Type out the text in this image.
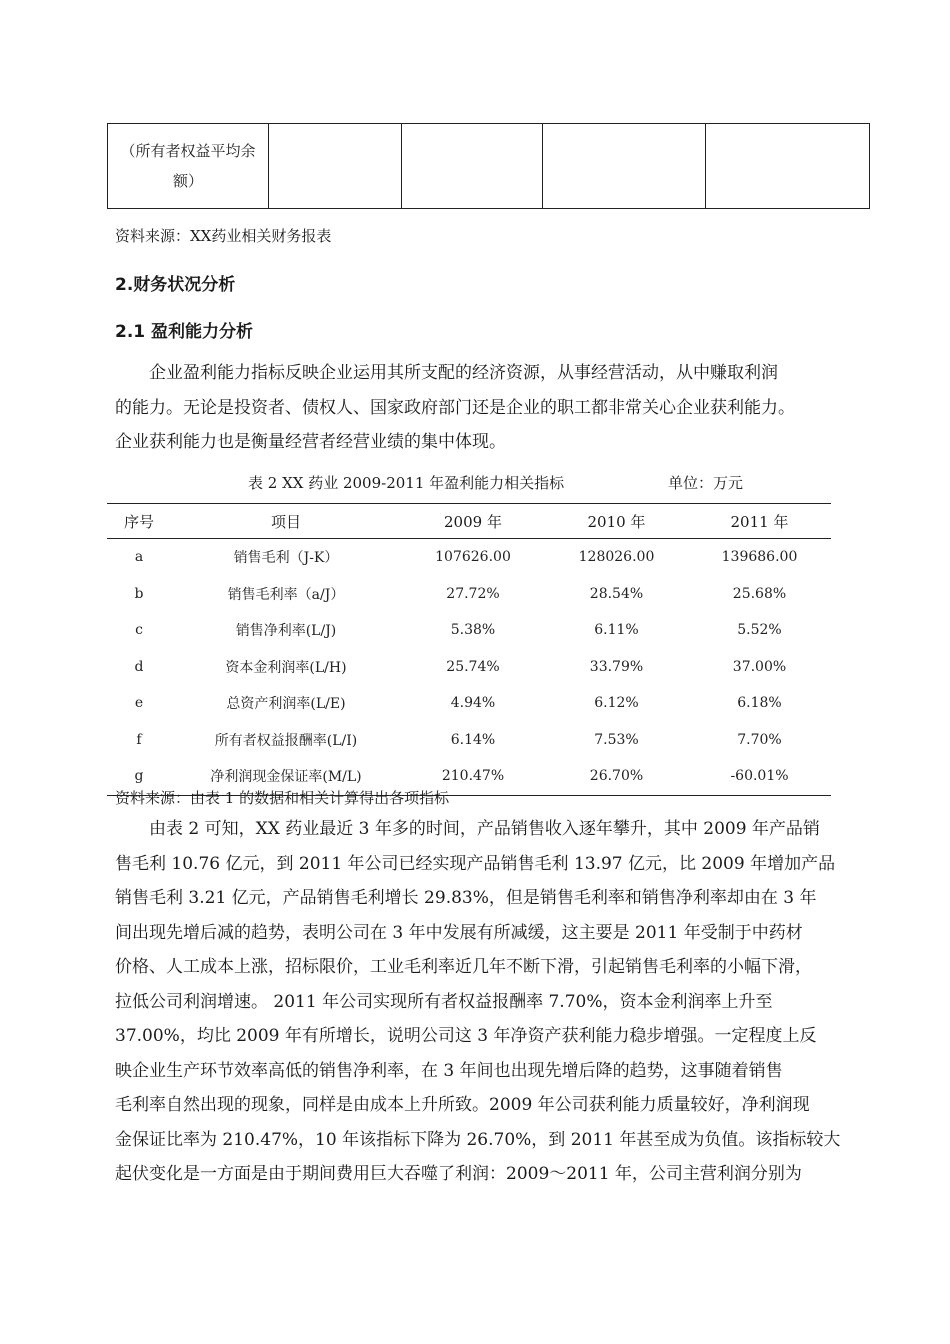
（所有者权益平均余
额）

资料来源：XX药业相关财务报表
2.财务状况分析
2.1 盈利能力分析
企业盈利能力指标反映企业运用其所支配的经济资源，从事经营活动，从中赚取利润
的能力。无论是投资者、债权人、国家政府部门还是企业的职工都非常关心企业获利能力。
企业获利能力也是衡量经营者经营业绩的集中体现。
表 2 XX 药业 2009-2011 年盈利能力相关指标	单位：万元
序号	项目	2009 年	2010 年	2011 年
a	销售毛利（J-K）	107626.00	128026.00	139686.00
b	销售毛利率（a/J）	27.72%	28.54%	25.68%
c	销售净利率(L/J)	5.38%	6.11%	5.52%
d	资本金利润率(L/H)	25.74%	33.79%	37.00%
e	总资产利润率(L/E)	4.94%	6.12%	6.18%
f	所有者权益报酬率(L/I)	6.14%	7.53%	7.70%
g	净利润现金保证率(M/L)	210.47%	26.70%	-60.01%
资料来源：由表 1 的数据和相关计算得出各项指标
由表 2 可知，XX 药业最近 3 年多的时间，产品销售收入逐年攀升，其中 2009 年产品销
售毛利 10.76 亿元，到 2011 年公司已经实现产品销售毛利 13.97 亿元，比 2009 年增加产品
销售毛利 3.21 亿元，产品销售毛利增长 29.83%，但是销售毛利率和销售净利率却由在 3 年
间出现先增后减的趋势，表明公司在 3 年中发展有所减缓，这主要是 2011 年受制于中药材
价格、人工成本上涨，招标限价，工业毛利率近几年不断下滑，引起销售毛利率的小幅下滑，
拉低公司利润增速。 2011 年公司实现所有者权益报酬率 7.70%，资本金利润率上升至
37.00%，均比 2009 年有所增长，说明公司这 3 年净资产获利能力稳步增强。一定程度上反
映企业生产环节效率高低的销售净利率，在 3 年间也出现先增后降的趋势，这事随着销售
毛利率自然出现的现象，同样是由成本上升所致。2009 年公司获利能力质量较好，净利润现
金保证比率为 210.47%，10 年该指标下降为 26.70%，到 2011 年甚至成为负值。该指标较大
起伏变化是一方面是由于期间费用巨大吞噬了利润：2009～2011 年，公司主营利润分别为
